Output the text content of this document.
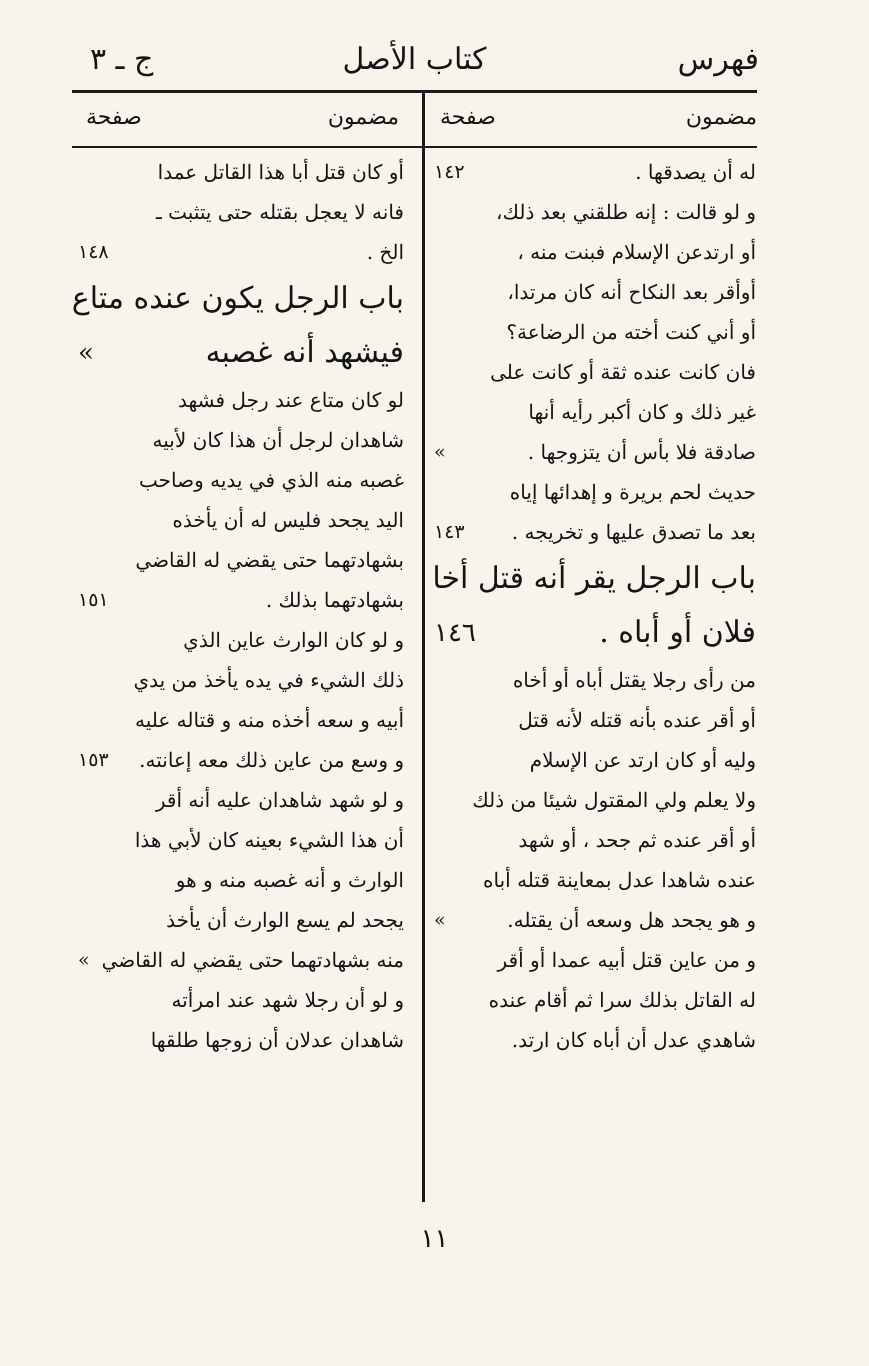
فهرس
كتاب الأصل
ج ـ ٣
مضمون
صفحة
مضمون
صفحة
له أن يصدقها .
١٤٢
و لو قالت : إنه طلقني بعد ذلك،
أو ارتدعن الإسلام فبنت منه ،
أوأقر بعد النكاح أنه كان مرتدا،
أو أني كنت أخته من الرضاعة؟
فان كانت عنده ثقة أو كانت على
غير ذلك و كان أكبر رأيه أنها
صادقة فلا بأس أن يتزوجها .
«
حديث لحم بريرة و إهدائها إياه
بعد ما تصدق عليها و تخريجه .
١٤٣
باب الرجل يقر أنه قتل أخا
فلان أو أباه .
١٤٦
من رأى رجلا يقتل أباه أو أخاه
أو أقر عنده بأنه قتله لأنه قتل
وليه أو كان ارتد عن الإسلام
ولا يعلم ولي المقتول شيئا من ذلك
أو أقر عنده ثم جحد ، أو شهد
عنده شاهدا عدل بمعاينة قتله أباه
و هو يجحد هل وسعه أن يقتله.
«
و من عاين قتل أبيه عمدا أو أقر
له القاتل بذلك سرا ثم أقام عنده
شاهدي عدل أن أباه كان ارتد.
أو كان قتل أبا هذا القاتل عمدا
فانه لا يعجل بقتله حتى يتثبت ـ
الخ .
١٤٨
باب الرجل يكون عنده متاع
فيشهد أنه غصبه
«
لو كان متاع عند رجل فشهد
شاهدان لرجل أن هذا كان لأبيه
غصبه منه الذي في يديه وصاحب
اليد يجحد فليس له أن يأخذه
بشهادتهما حتى يقضي له القاضي
بشهادتهما بذلك .
١٥١
و لو كان الوارث عاين الذي
ذلك الشيء في يده يأخذ من يدي
أبيه و سعه أخذه منه و قتاله عليه
و وسع من عاين ذلك معه إعانته.
١٥٣
و لو شهد شاهدان عليه أنه أقر
أن هذا الشيء بعينه كان لأبي هذا
الوارث و أنه غصبه منه و هو
يجحد لم يسع الوارث أن يأخذ
منه بشهادتهما حتى يقضي له القاضي
«
و لو أن رجلا شهد عند امرأته
شاهدان عدلان أن زوجها طلقها
١١
